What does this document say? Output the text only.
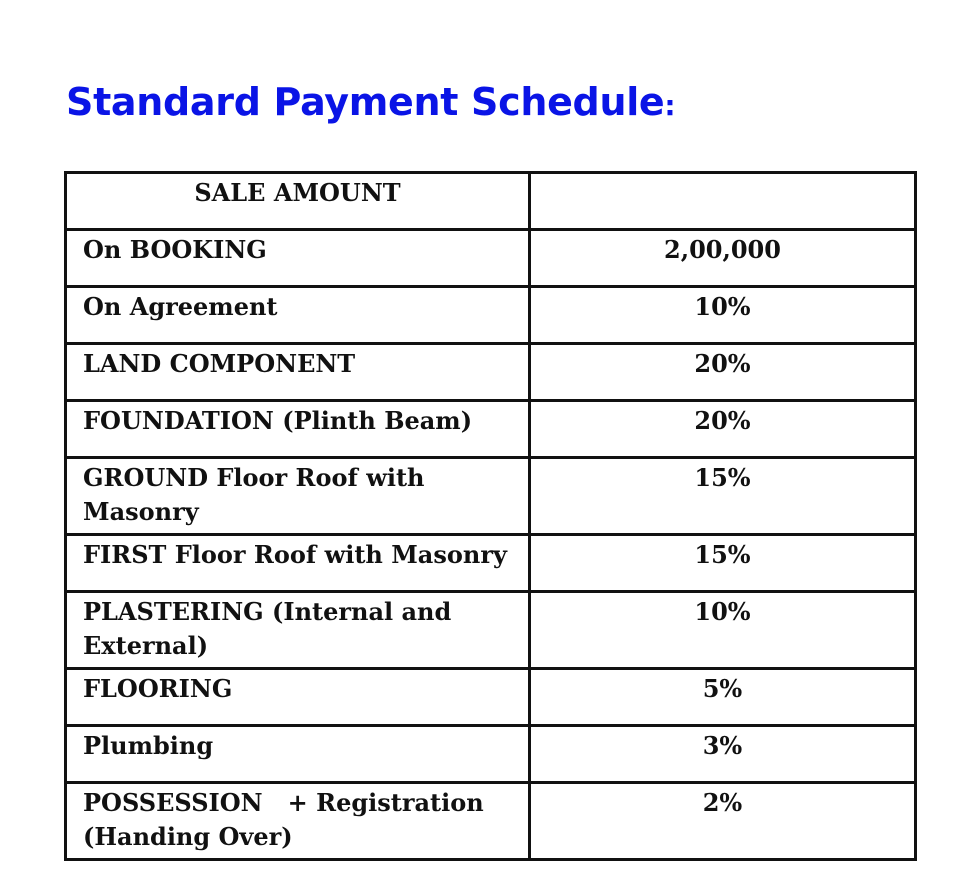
Standard Payment Schedule:
SALE AMOUNT	
On BOOKING	2,00,000
On Agreement	10%
LAND COMPONENT	20%
FOUNDATION (Plinth Beam)	20%
GROUND Floor Roof with Masonry	15%
FIRST Floor Roof with Masonry	15%
PLASTERING (Internal and External)	10%
FLOORING	5%
Plumbing	3%
POSSESSION   + Registration (Handing Over)	2%
